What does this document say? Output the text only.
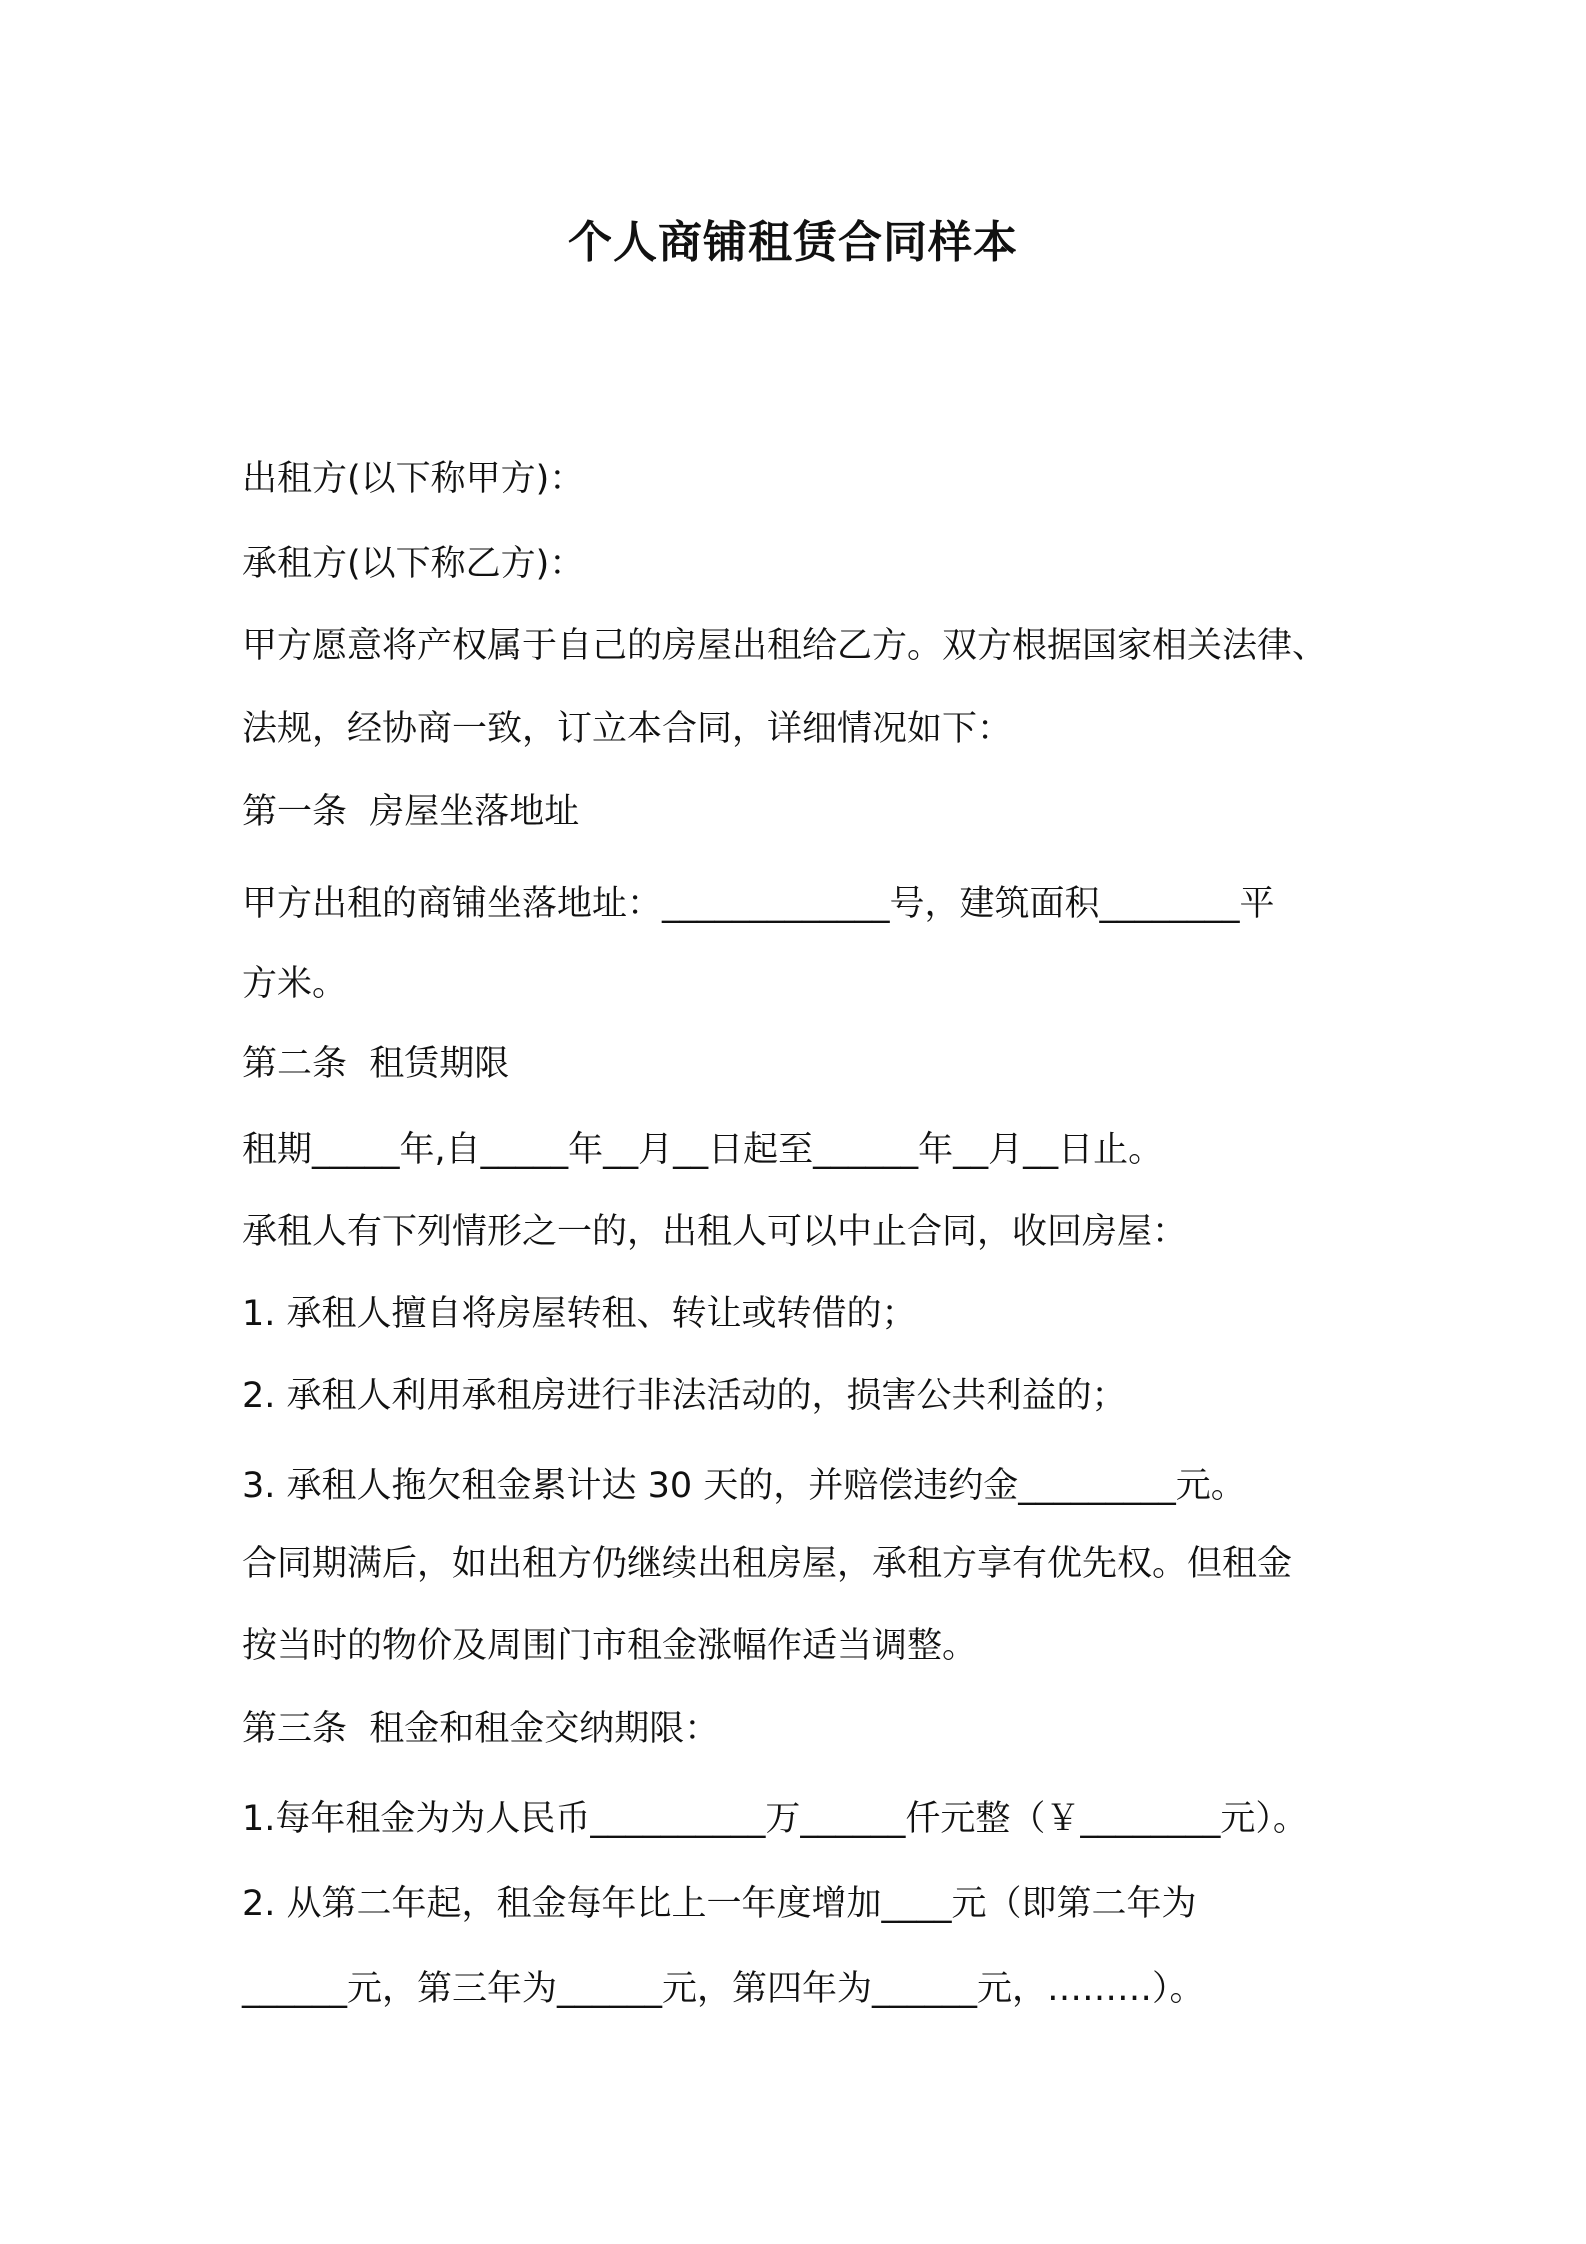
个人商铺租赁合同样本

出租方(以下称甲方)：

承租方(以下称乙方)：

甲方愿意将产权属于自己的房屋出租给乙方。双方根据国家相关法律、

法规，经协商一致，订立本合同，详细情况如下：

第一条  房屋坐落地址

甲方出租的商铺坐落地址：_____________号，建筑面积________平

方米。

第二条  租赁期限

租期_____年,自_____年__月__日起至______年__月__日止。

承租人有下列情形之一的，出租人可以中止合同，收回房屋：

1. 承租人擅自将房屋转租、转让或转借的；

2. 承租人利用承租房进行非法活动的，损害公共利益的；

3. 承租人拖欠租金累计达 30 天的，并赔偿违约金_________元。

合同期满后，如出租方仍继续出租房屋，承租方享有优先权。但租金

按当时的物价及周围门市租金涨幅作适当调整。

第三条  租金和租金交纳期限：

1.每年租金为为人民币__________万______仟元整（￥________元）。

2. 从第二年起，租金每年比上一年度增加____元（即第二年为

______元，第三年为______元，第四年为______元，………）。
